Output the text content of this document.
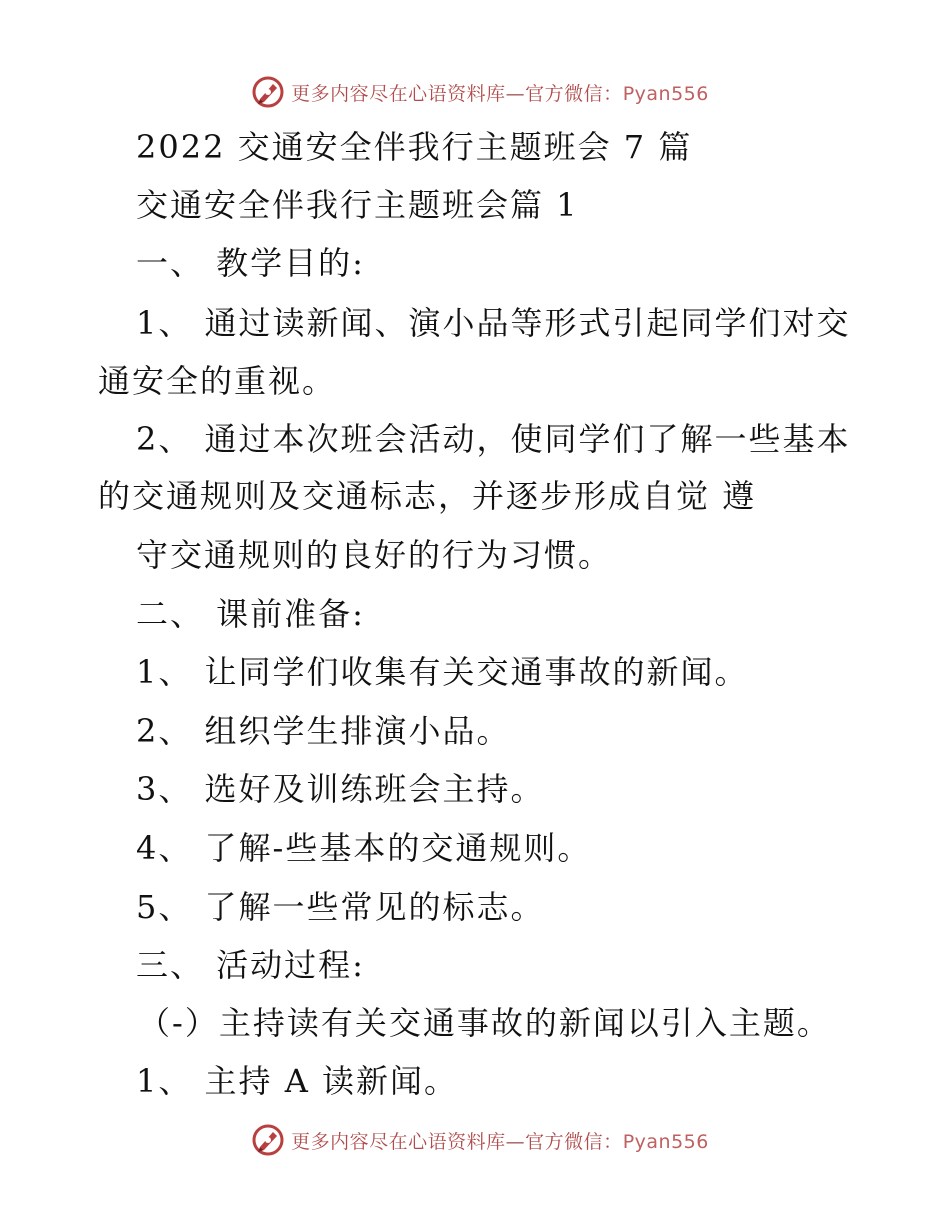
更多内容尽在心语资料库—官方微信：Pyan556
2022 交通安全伴我行主题班会 7 篇
交通安全伴我行主题班会篇 1
一、 教学目的:
1、 通过读新闻、演小品等形式引起同学们对交
通安全的重视。
2、 通过本次班会活动，使同学们了解一些基本
的交通规则及交通标志，并逐步形成自觉 遵
守交通规则的良好的行为习惯。
二、 课前准备:
1、 让同学们收集有关交通事故的新闻。
2、 组织学生排演小品。
3、 选好及训练班会主持。
4、 了解-些基本的交通规则。
5、 了解一些常见的标志。
三、 活动过程:
（-）主持读有关交通事故的新闻以引入主题。
1、 主持 A 读新闻。
更多内容尽在心语资料库—官方微信：Pyan556
